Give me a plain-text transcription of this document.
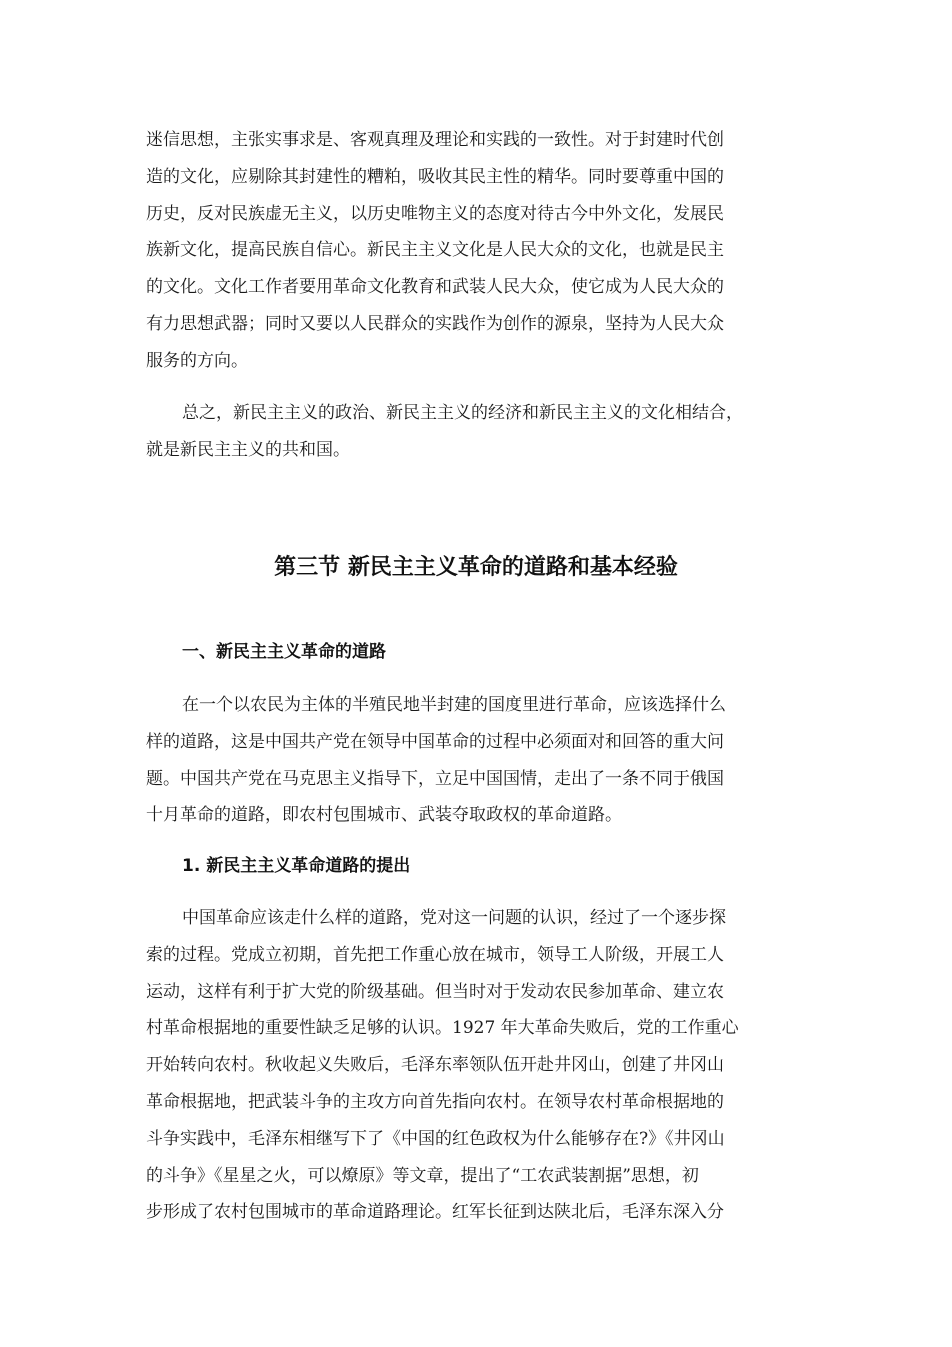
迷信思想，主张实事求是、客观真理及理论和实践的一致性。对于封建时代创
造的文化，应剔除其封建性的糟粕，吸收其民主性的精华。同时要尊重中国的
历史，反对民族虚无主义，以历史唯物主义的态度对待古今中外文化，发展民
族新文化，提高民族自信心。新民主主义文化是人民大众的文化，也就是民主
的文化。文化工作者要用革命文化教育和武装人民大众，使它成为人民大众的
有力思想武器；同时又要以人民群众的实践作为创作的源泉，坚持为人民大众
服务的方向。
总之，新民主主义的政治、新民主主义的经济和新民主主义的文化相结合，
就是新民主主义的共和国。
第三节 新民主主义革命的道路和基本经验
一、新民主主义革命的道路
在一个以农民为主体的半殖民地半封建的国度里进行革命，应该选择什么
样的道路，这是中国共产党在领导中国革命的过程中必须面对和回答的重大问
题。中国共产党在马克思主义指导下，立足中国国情，走出了一条不同于俄国
十月革命的道路，即农村包围城市、武装夺取政权的革命道路。
1. 新民主主义革命道路的提出
中国革命应该走什么样的道路，党对这一问题的认识，经过了一个逐步探
索的过程。党成立初期，首先把工作重心放在城市，领导工人阶级，开展工人
运动，这样有利于扩大党的阶级基础。但当时对于发动农民参加革命、建立农
村革命根据地的重要性缺乏足够的认识。1927 年大革命失败后，党的工作重心
开始转向农村。秋收起义失败后，毛泽东率领队伍开赴井冈山，创建了井冈山
革命根据地，把武装斗争的主攻方向首先指向农村。在领导农村革命根据地的
斗争实践中，毛泽东相继写下了《中国的红色政权为什么能够存在?》《井冈山
的斗争》《星星之火，可以燎原》等文章，提出了“工农武装割据”思想，初
步形成了农村包围城市的革命道路理论。红军长征到达陕北后，毛泽东深入分
